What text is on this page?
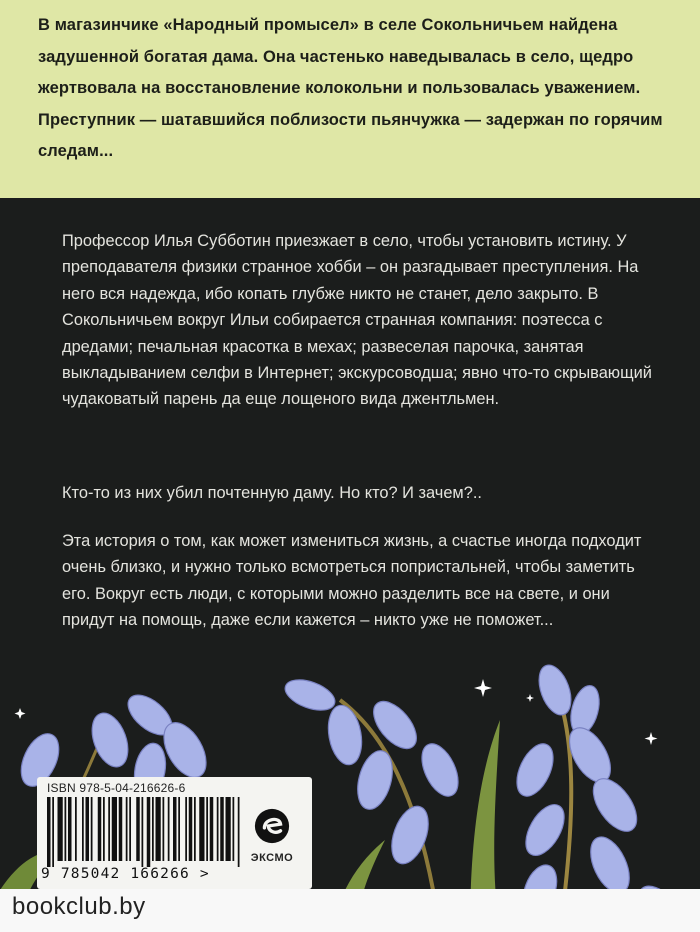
В магазинчике «Народный промысел» в селе Сокольничьем найдена задушенной богатая дама. Она частенько наведывалась в село, щедро жертвовала на восстановление колокольни и пользовалась уважением. Преступник — шатавшийся поблизости пьянчужка — задержан по горячим следам...
Профессор Илья Субботин приезжает в село, чтобы установить истину. У преподавателя физики странное хобби – он разгадывает преступления. На него вся надежда, ибо копать глубже никто не станет, дело закрыто. В Сокольничьем вокруг Ильи собирается странная компания: поэтесса с дредами; печальная красотка в мехах; развеселая парочка, занятая выкладыванием селфи в Интернет; экскурсоводша; явно что-то скрывающий чудаковатый парень да еще лощеного вида джентльмен.
Кто-то из них убил почтенную даму. Но кто? И зачем?..
Эта история о том, как может измениться жизнь, а счастье иногда подходит очень близко, и нужно только всмотреться попристальней, чтобы заметить его. Вокруг есть люди, с которыми можно разделить все на свете, и они придут на помощь, даже если кажется – никто уже не поможет...
ISBN 978-5-04-216626-6
9 785042 166266 >
ЭКСМО
bookclub.by
